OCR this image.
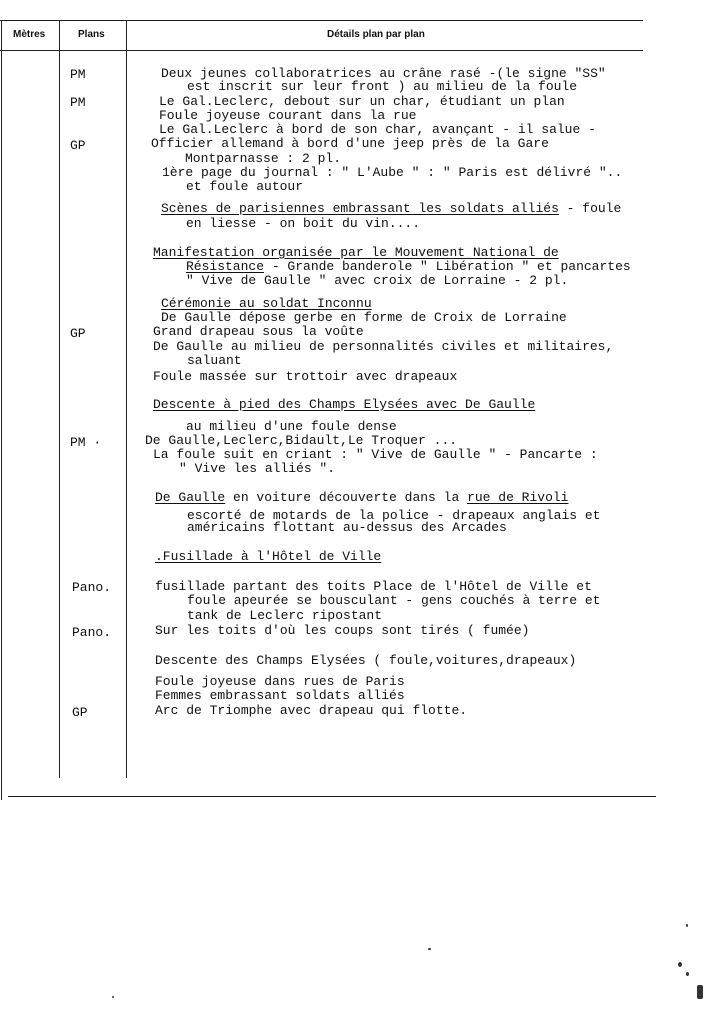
Mètres	Plans	Détails plan par plan
PM
PM
GP
GP
PM ·
Pano.
Pano.
GP
Deux jeunes collaboratrices au crâne rasé -(le signe "SS"
est inscrit sur leur front ) au milieu de la foule
Le Gal.Leclerc, debout sur un char, étudiant un plan
Foule joyeuse courant dans la rue
Le Gal.Leclerc à bord de son char, avançant - il salue -
Officier allemand à bord d'une jeep près de la Gare
Montparnasse : 2 pl.
1ère page du journal : " L'Aube " : " Paris est délivré "..
et foule autour
Scènes de parisiennes embrassant les soldats alliés - foule
en liesse - on boit du vin....
Manifestation organisée par le Mouvement National de
Résistance - Grande banderole " Libération " et pancartes
" Vive de Gaulle " avec croix de Lorraine - 2 pl.
Cérémonie au soldat Inconnu
De Gaulle dépose gerbe en forme de Croix de Lorraine
Grand drapeau sous la voûte
De Gaulle au milieu de personnalités civiles et militaires,
saluant
Foule massée sur trottoir avec drapeaux
Descente à pied des Champs Elysées avec De Gaulle
au milieu d'une foule dense
De Gaulle,Leclerc,Bidault,Le Troquer ...
La foule suit en criant : " Vive de Gaulle " - Pancarte :
" Vive les alliés ".
De Gaulle en voiture découverte dans la rue de Rivoli
escorté de motards de la police - drapeaux anglais et
américains flottant au-dessus des Arcades
.Fusillade à l'Hôtel de Ville
fusillade partant des toits Place de l'Hôtel de Ville et
foule apeurée se bousculant - gens couchés à terre et
tank de Leclerc ripostant
Sur les toits d'où les coups sont tirés ( fumée)
Descente des Champs Elysées ( foule,voitures,drapeaux)
Foule joyeuse dans rues de Paris
Femmes embrassant soldats alliés
Arc de Triomphe avec drapeau qui flotte.
